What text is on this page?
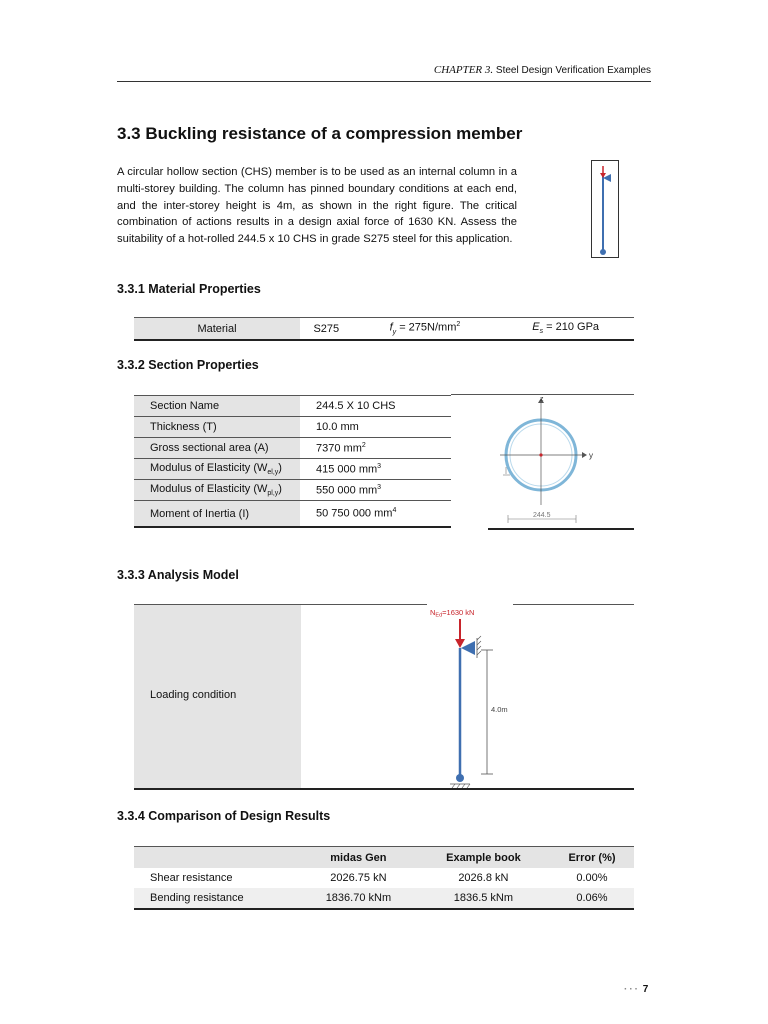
CHAPTER 3. Steel Design Verification Examples
3.3 Buckling resistance of a compression member
A circular hollow section (CHS) member is to be used as an internal column in a multi-storey building. The column has pinned boundary conditions at each end, and the inter-storey height is 4m, as shown in the right figure. The critical combination of actions results in a design axial force of 1630 KN. Assess the suitability of a hot-rolled 244.5 x 10 CHS in grade S275 steel for this application.
3.3.1 Material Properties
Material	S275	$f_y = 275N/mm^2$	$E_s = 210$ GPa
3.3.2 Section Properties
Section Name	244.5 X 10 CHS
Thickness (T)	10.0 mm
Gross sectional area (A)	7370 $mm^2$
Modulus of Elasticity $(W_{el,y})$	415 000 $mm^3$
Modulus of Elasticity $(W_{pl,y})$	550 000 $mm^3$
Moment of Inertia (I)	50 750 000 $mm^4$
z
y
244.5
3.3.3 Analysis Model
Loading condition
$N_{Ed}=1630$ kN
4.0m
3.3.4 Comparison of Design Results
	midas Gen	Example book	Error (%)
Shear resistance	2026.75 kN	2026.8 kN	0.00%
Bending resistance	1836.70 kNm	1836.5 kNm	0.06%
··· 7
